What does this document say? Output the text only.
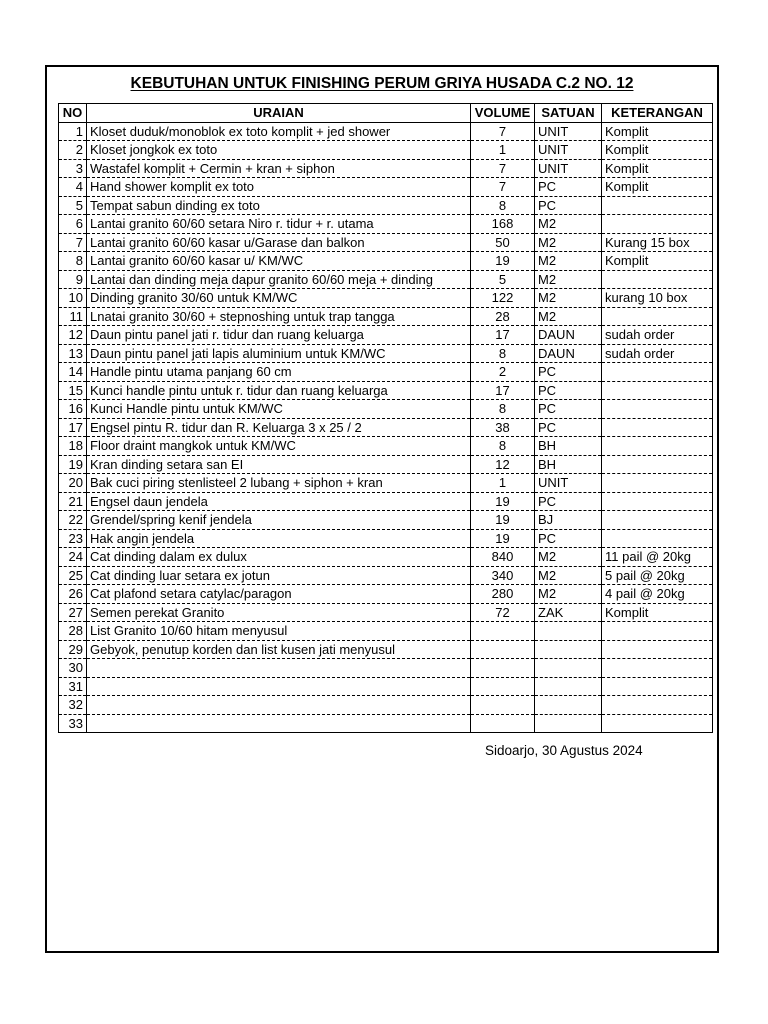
KEBUTUHAN UNTUK FINISHING PERUM GRIYA HUSADA C.2 NO. 12
NO	URAIAN	VOLUME	SATUAN	KETERANGAN
1	Kloset duduk/monoblok ex toto komplit + jed shower	7	UNIT	Komplit
2	Kloset jongkok ex toto	1	UNIT	Komplit
3	Wastafel komplit + Cermin + kran + siphon	7	UNIT	Komplit
4	Hand shower komplit ex toto	7	PC	Komplit
5	Tempat sabun dinding ex toto	8	PC	
6	Lantai granito 60/60 setara Niro r. tidur + r. utama	168	M2	
7	Lantai granito 60/60 kasar u/Garase dan balkon	50	M2	Kurang 15 box
8	Lantai granito 60/60 kasar u/ KM/WC	19	M2	Komplit
9	Lantai dan dinding meja dapur granito 60/60 meja + dinding	5	M2	
10	Dinding granito 30/60 untuk KM/WC	122	M2	kurang 10 box
11	Lnatai granito 30/60 + stepnoshing untuk trap tangga	28	M2	
12	Daun pintu panel jati r. tidur dan ruang keluarga	17	DAUN	sudah order
13	Daun pintu panel jati lapis aluminium untuk KM/WC	8	DAUN	sudah order
14	Handle pintu utama panjang 60 cm	2	PC	
15	Kunci handle pintu untuk r. tidur dan ruang keluarga	17	PC	
16	Kunci Handle pintu untuk KM/WC	8	PC	
17	Engsel pintu R. tidur dan R. Keluarga 3 x 25 / 2	38	PC	
18	Floor draint mangkok untuk KM/WC	8	BH	
19	Kran dinding setara san EI	12	BH	
20	Bak cuci piring stenlisteel 2 lubang + siphon + kran	1	UNIT	
21	Engsel daun jendela	19	PC	
22	Grendel/spring kenif jendela	19	BJ	
23	Hak angin jendela	19	PC	
24	Cat dinding dalam ex dulux	840	M2	11 pail @ 20kg
25	Cat dinding luar setara ex jotun	340	M2	5 pail @ 20kg
26	Cat plafond setara catylac/paragon	280	M2	4 pail @ 20kg
27	Semen perekat Granito	72	ZAK	Komplit
28	List Granito 10/60 hitam menyusul			
29	Gebyok, penutup korden dan list kusen jati menyusul			
30				
31				
32				
33				
Sidoarjo, 30 Agustus 2024
